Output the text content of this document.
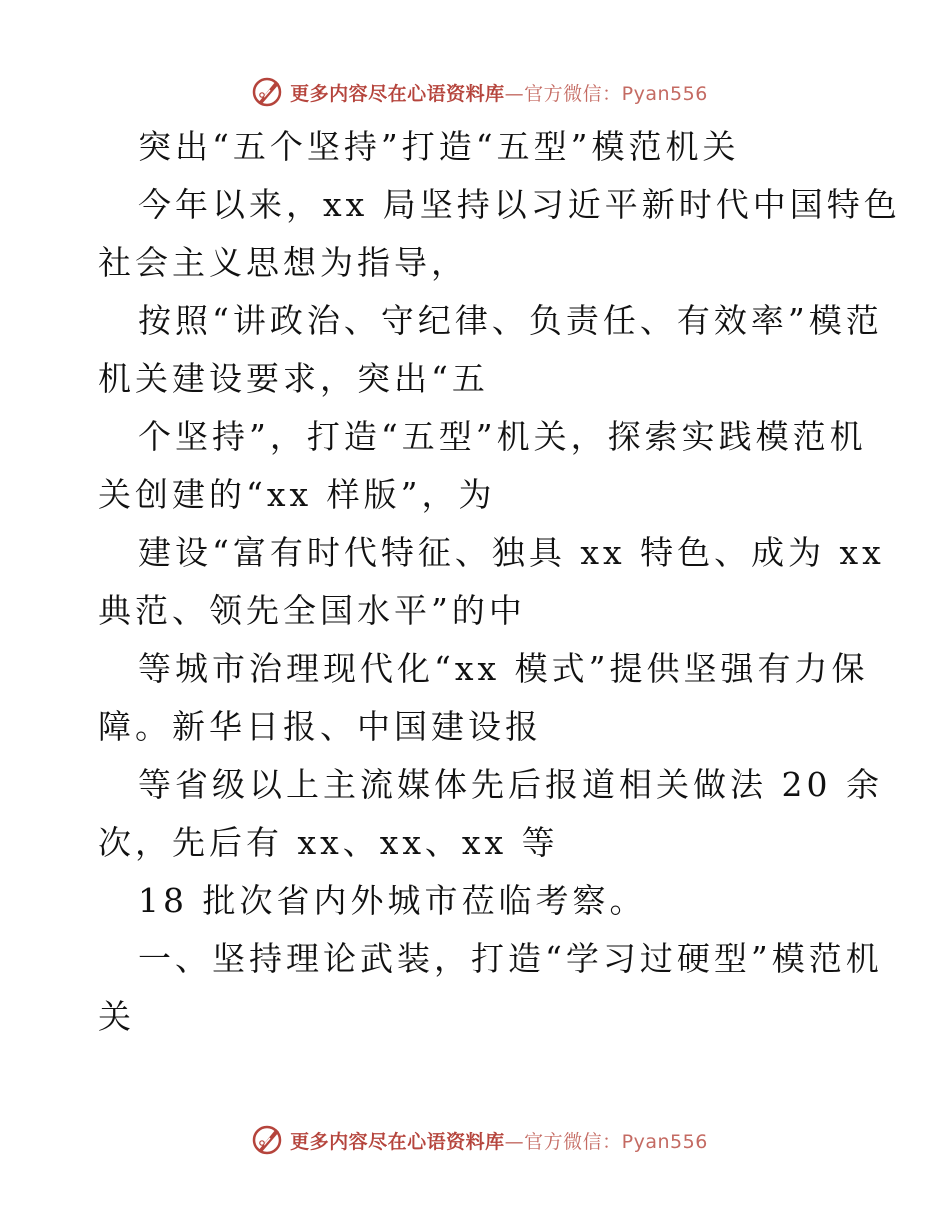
更多内容尽在心语资料库—官方微信：Pyan556
突出“五个坚持”打造“五型”模范机关
今年以来，xx 局坚持以习近平新时代中国特色
社会主义思想为指导，
按照“讲政治、守纪律、负责任、有效率”模范
机关建设要求，突出“五
个坚持”，打造“五型”机关，探索实践模范机
关创建的“xx 样版”，为
建设“富有时代特征、独具 xx 特色、成为 xx
典范、领先全国水平”的中
等城市治理现代化“xx 模式”提供坚强有力保
障。新华日报、中国建设报
等省级以上主流媒体先后报道相关做法 20 余
次，先后有 xx、xx、xx 等
18 批次省内外城市莅临考察。
一、坚持理论武装，打造“学习过硬型”模范机
关
更多内容尽在心语资料库—官方微信：Pyan556
